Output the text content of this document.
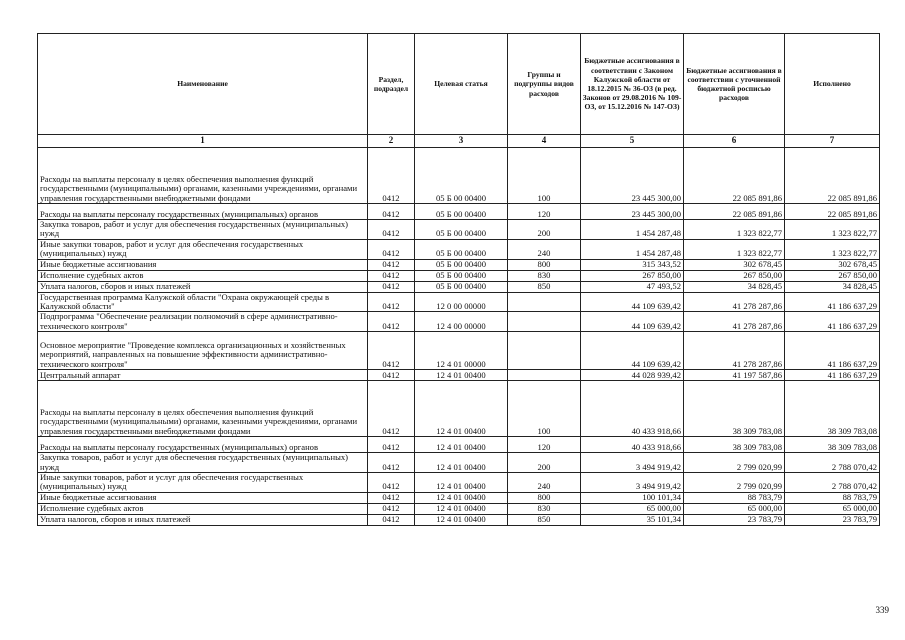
Наименование	Раздел, подраздел	Целевая статья	Группы и подгруппы видов расходов	Бюджетные ассигнования в соответствии с Законом Калужской области от 18.12.2015 № 36-ОЗ (в ред. Законов от 29.08.2016 № 109-ОЗ, от 15.12.2016 № 147-ОЗ)	Бюджетные ассигнования в соответствии с уточненной бюджетной росписью расходов	Исполнено
1	2	3	4	5	6	7
Расходы на выплаты персоналу в целях обеспечения выполнения функций государственными (муниципальными) органами, казенными учреждениями, органами управления государственными внебюджетными фондами	0412	05 Б 00 00400	100	23 445 300,00	22 085 891,86	22 085 891,86
Расходы на выплаты персоналу государственных (муниципальных) органов	0412	05 Б 00 00400	120	23 445 300,00	22 085 891,86	22 085 891,86
Закупка товаров, работ и услуг для обеспечения государственных (муниципальных) нужд	0412	05 Б 00 00400	200	1 454 287,48	1 323 822,77	1 323 822,77
Иные закупки товаров, работ и услуг для обеспечения государственных (муниципальных) нужд	0412	05 Б 00 00400	240	1 454 287,48	1 323 822,77	1 323 822,77
Иные бюджетные ассигнования	0412	05 Б 00 00400	800	315 343,52	302 678,45	302 678,45
Исполнение судебных актов	0412	05 Б 00 00400	830	267 850,00	267 850,00	267 850,00
Уплата налогов, сборов и иных платежей	0412	05 Б 00 00400	850	47 493,52	34 828,45	34 828,45
Государственная программа Калужской области "Охрана окружающей среды в Калужской области"	0412	12 0 00 00000		44 109 639,42	41 278 287,86	41 186 637,29
Подпрограмма "Обеспечение реализации полномочий в сфере административно-технического контроля"	0412	12 4 00 00000		44 109 639,42	41 278 287,86	41 186 637,29
Основное мероприятие "Проведение комплекса организационных и хозяйственных мероприятий, направленных на повышение эффективности административно-технического контроля"	0412	12 4 01 00000		44 109 639,42	41 278 287,86	41 186 637,29
Центральный аппарат	0412	12 4 01 00400		44 028 939,42	41 197 587,86	41 186 637,29
Расходы на выплаты персоналу в целях обеспечения выполнения функций государственными (муниципальными) органами, казенными учреждениями, органами управления государственными внебюджетными фондами	0412	12 4 01 00400	100	40 433 918,66	38 309 783,08	38 309 783,08
Расходы на выплаты персоналу государственных (муниципальных) органов	0412	12 4 01 00400	120	40 433 918,66	38 309 783,08	38 309 783,08
Закупка товаров, работ и услуг для обеспечения государственных (муниципальных) нужд	0412	12 4 01 00400	200	3 494 919,42	2 799 020,99	2 788 070,42
Иные закупки товаров, работ и услуг для обеспечения государственных (муниципальных) нужд	0412	12 4 01 00400	240	3 494 919,42	2 799 020,99	2 788 070,42
Иные бюджетные ассигнования	0412	12 4 01 00400	800	100 101,34	88 783,79	88 783,79
Исполнение судебных актов	0412	12 4 01 00400	830	65 000,00	65 000,00	65 000,00
Уплата налогов, сборов и иных платежей	0412	12 4 01 00400	850	35 101,34	23 783,79	23 783,79
339
